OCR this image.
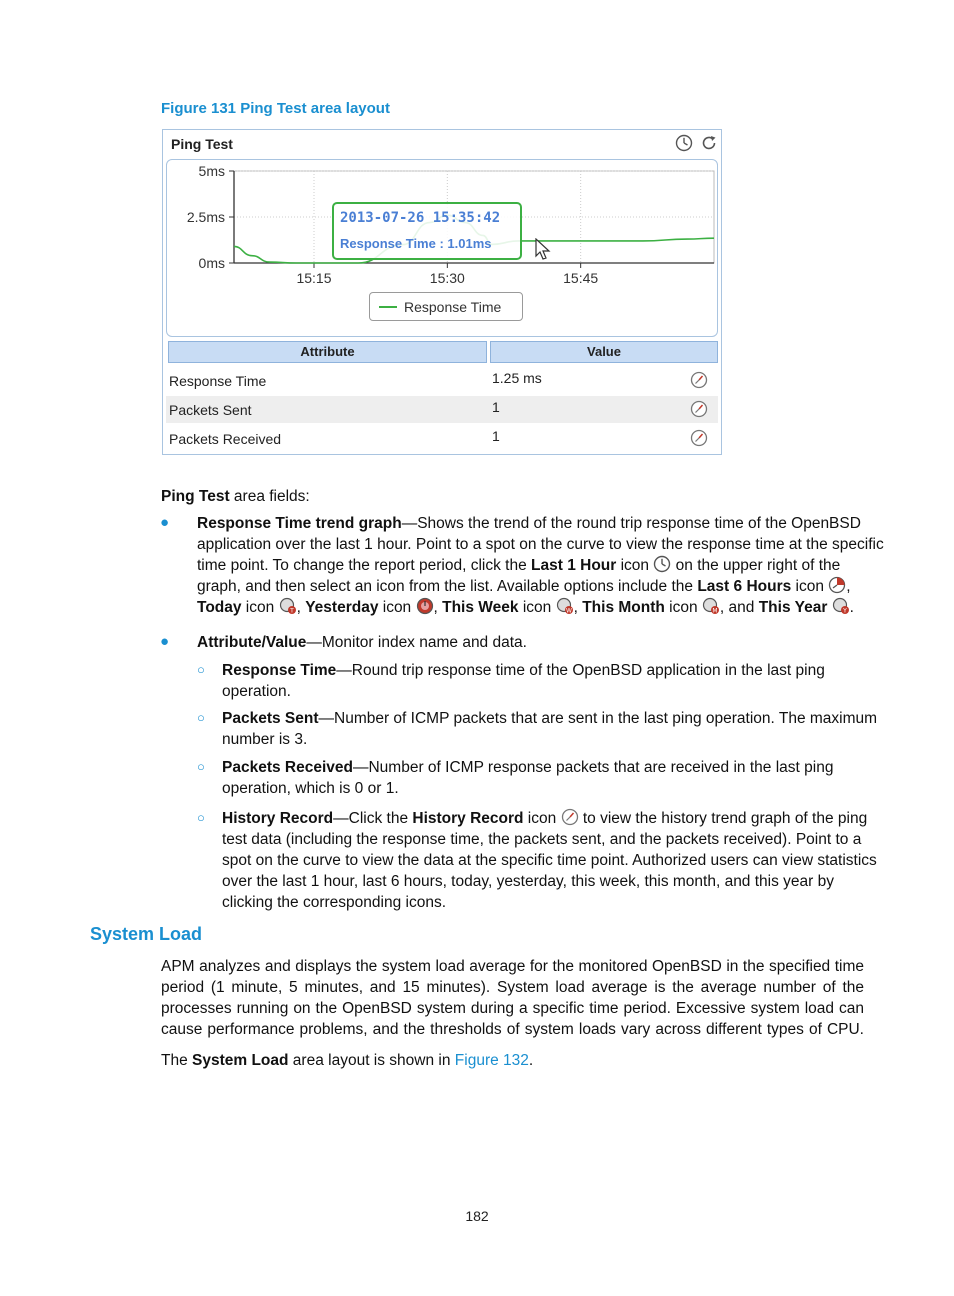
Figure 131 Ping Test area layout
Ping Test
5ms
2.5ms
0ms
15:15	15:30	15:45
2013-07-26 15:35:42
Response Time : 1.01ms
Response Time
Attribute	Value
Response Time	1.25 ms
Packets Sent	1
Packets Received	1
Ping Test area fields:
● Response Time trend graph—Shows the trend of the round trip response time of the OpenBSD
application over the last 1 hour. Point to a spot on the curve to view the response time at the specific
time point. To change the report period, click the Last 1 Hour icon  on the upper right of the
graph, and then select an icon from the list. Available options include the Last 6 Hours icon ,
Today icon T , Yesterday icon , This Week icon W , This Month icon M , and This Year	Y .
● Attribute/Value—Monitor index name and data.
○ Response Time—Round trip response time of the OpenBSD application in the last ping
operation.
○ Packets Sent—Number of ICMP packets that are sent in the last ping operation. The maximum
number is 3.
○ Packets Received—Number of ICMP response packets that are received in the last ping
operation, which is 0 or 1.
○ History Record—Click the History Record icon  to view the history trend graph of the ping
test data (including the response time, the packets sent, and the packets received). Point to a
spot on the curve to view the data at the specific time point. Authorized users can view statistics
over the last 1 hour, last 6 hours, today, yesterday, this week, this month, and this year by
clicking the corresponding icons.
System Load
APM analyzes and displays the system load average for the monitored OpenBSD in the specified time
period (1 minute, 5 minutes, and 15 minutes). System load average is the average number of the
processes running on the OpenBSD system during a specific time period. Excessive system load can
cause performance problems, and the thresholds of system loads vary across different types of CPU.
The System Load area layout is shown in Figure 132.
182
